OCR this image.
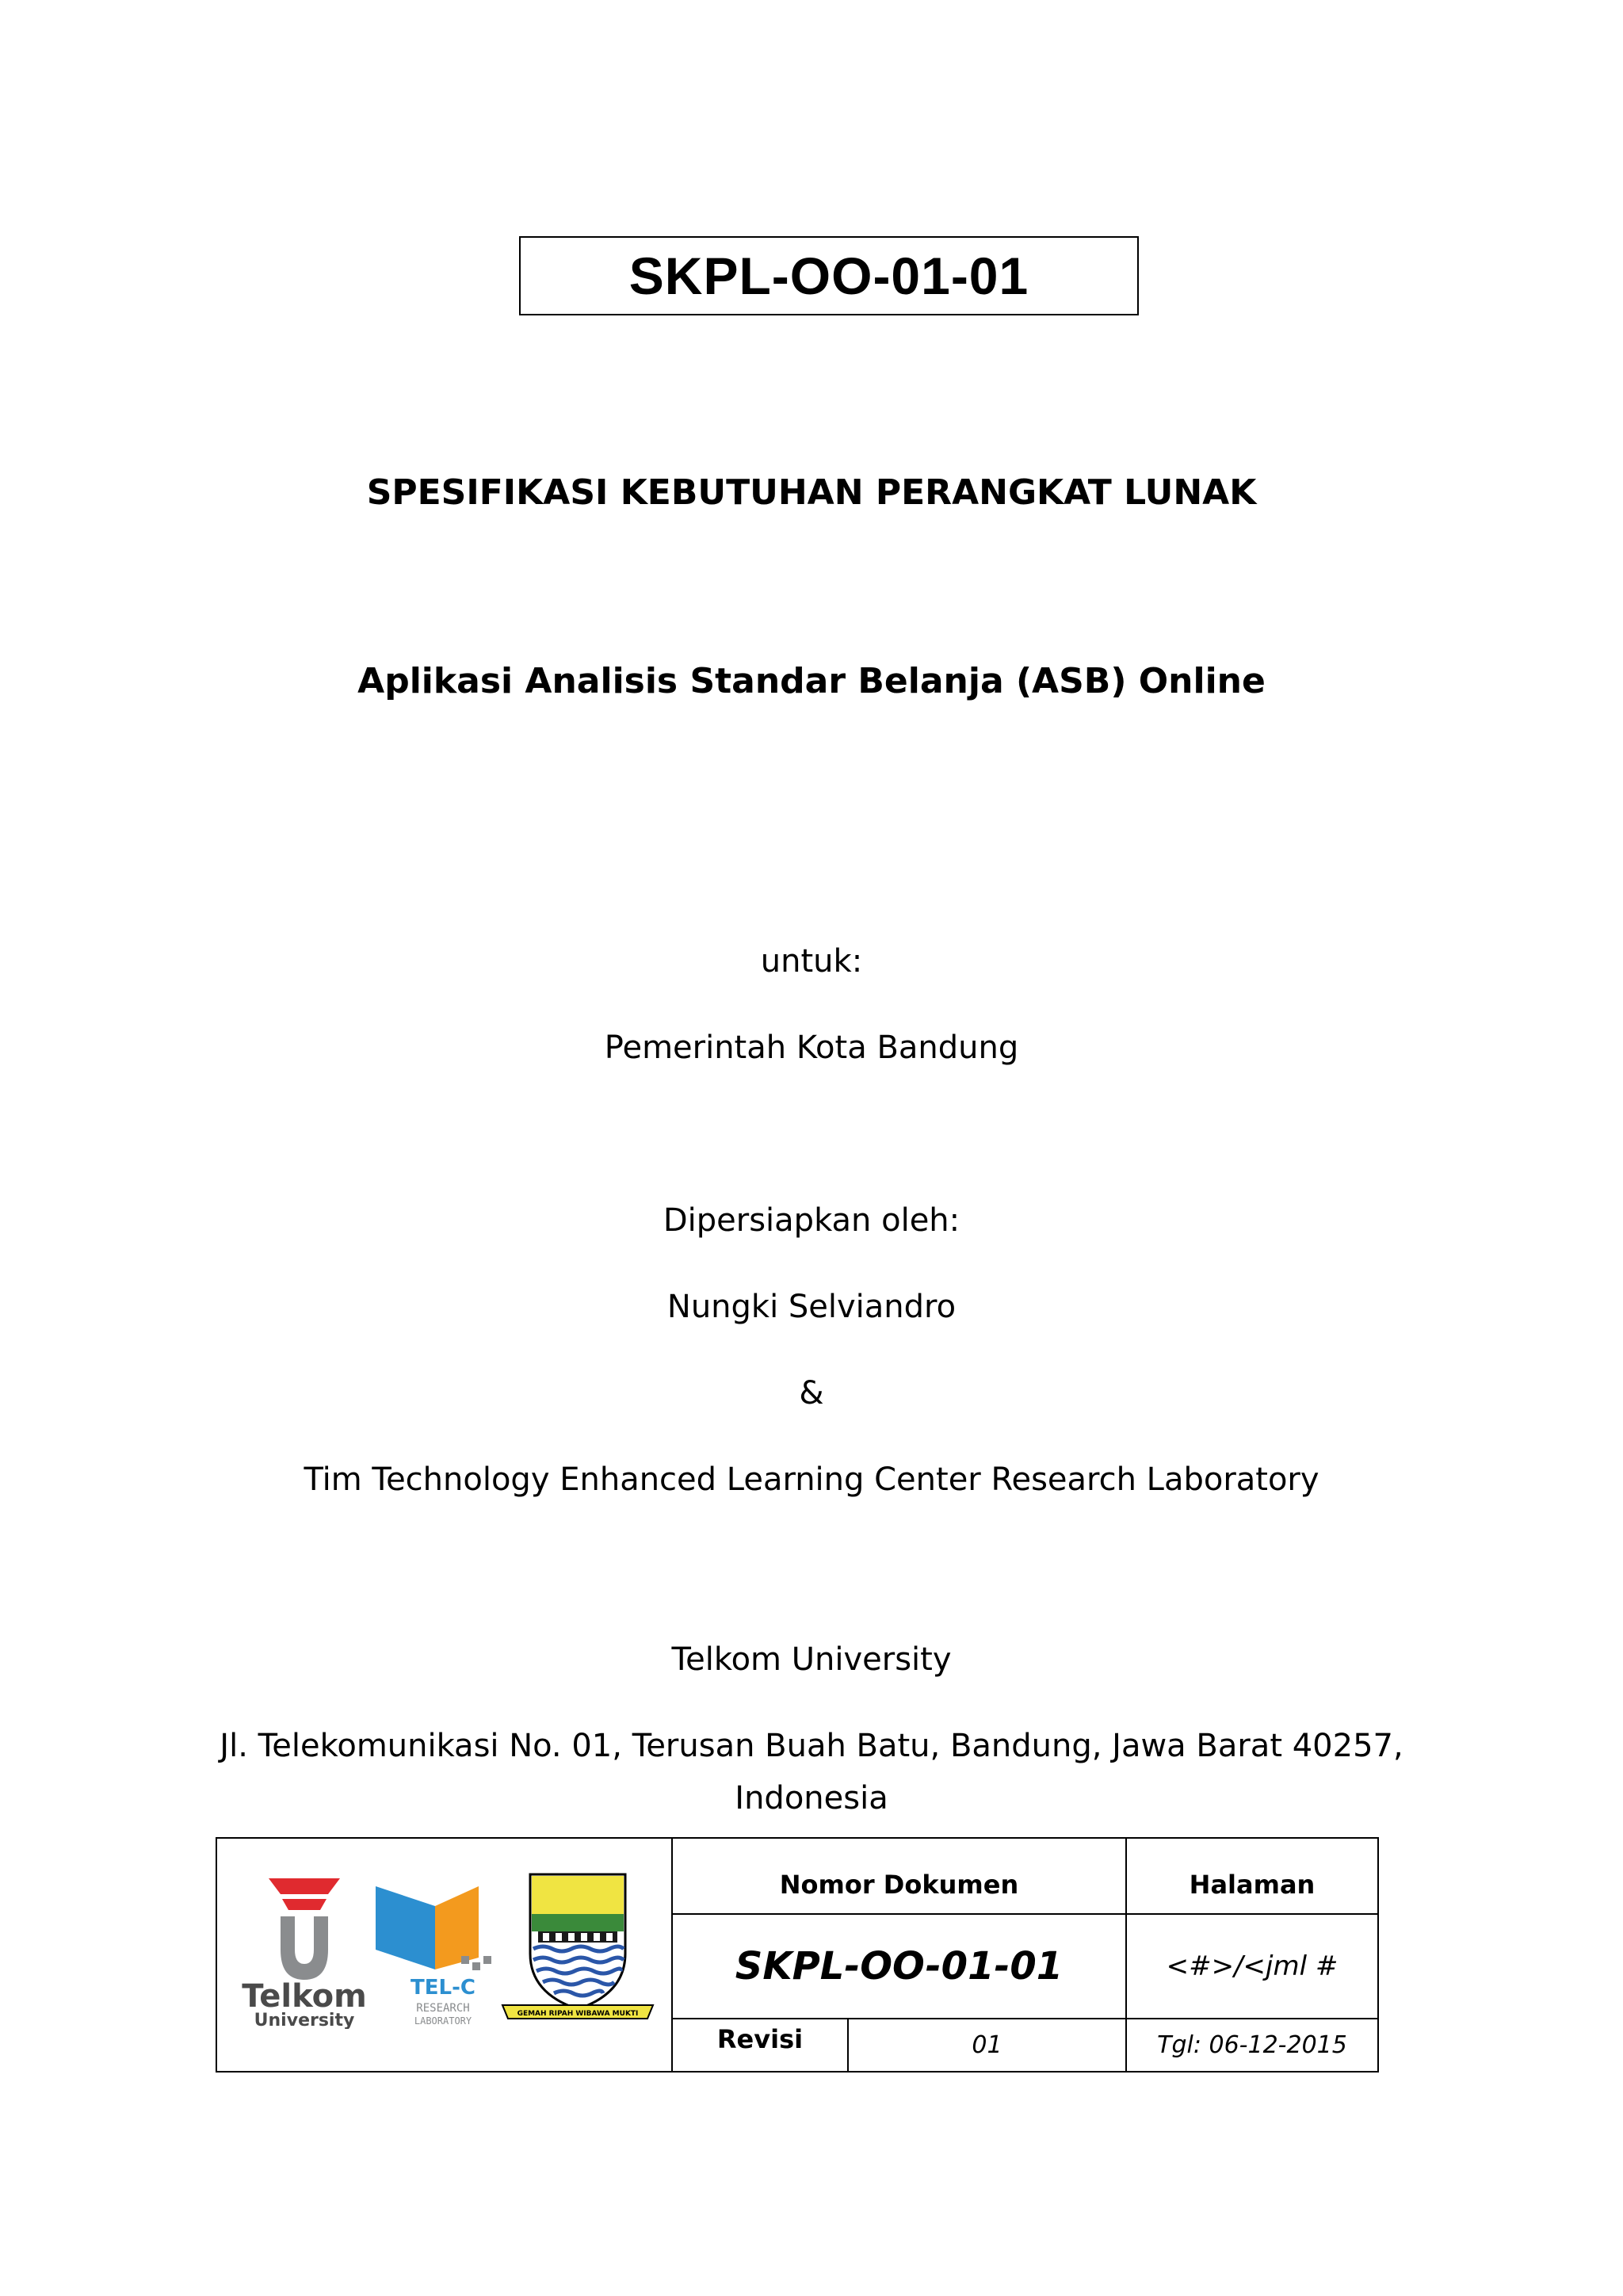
SKPL-OO-01-01
SPESIFIKASI KEBUTUHAN PERANGKAT LUNAK
Aplikasi Analisis Standar Belanja (ASB) Online
untuk:
Pemerintah Kota Bandung
Dipersiapkan oleh:
Nungki Selviandro
&
Tim Technology Enhanced Learning Center Research Laboratory
Telkom University
Jl. Telekomunikasi No. 01, Terusan Buah Batu, Bandung, Jawa Barat 40257,
Indonesia
Telkom
University
TEL-C
RESEARCH
LABORATORY
GEMAH RIPAH WIBAWA MUKTI
Nomor Dokumen	Halaman
SKPL-OO-01-01	<#>/<jml #
Revisi	01	Tgl: 06-12-2015
